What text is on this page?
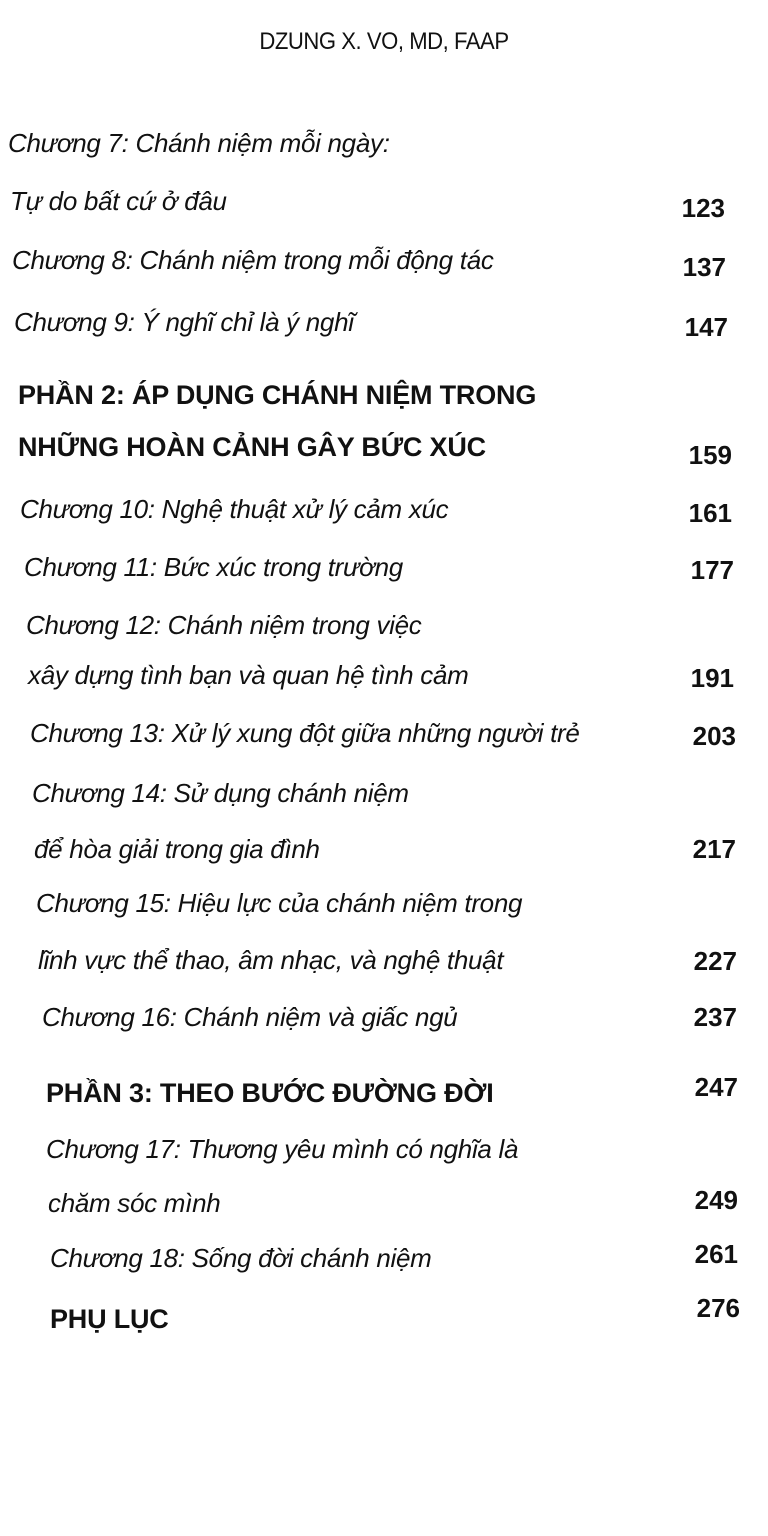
DZUNG X. VO, MD, FAAP
Chương 7: Chánh niệm mỗi ngày:
Tự do bất cứ ở đâu	123
Chương 8: Chánh niệm trong mỗi động tác	137
Chương 9: Ý nghĩ chỉ là ý nghĩ	147
PHẦN 2: ÁP DỤNG CHÁNH NIỆM TRONG
NHỮNG HOÀN CẢNH GÂY BỨC XÚC	159
Chương 10: Nghệ thuật xử lý cảm xúc	161
Chương 11: Bức xúc trong trường	177
Chương 12: Chánh niệm trong việc
xây dựng tình bạn và quan hệ tình cảm	191
Chương 13: Xử lý xung đột giữa những người trẻ	203
Chương 14: Sử dụng chánh niệm
để hòa giải trong gia đình	217
Chương 15: Hiệu lực của chánh niệm trong
lĩnh vực thể thao, âm nhạc, và nghệ thuật	227
Chương 16: Chánh niệm và giấc ngủ	237
PHẦN 3: THEO BƯỚC ĐƯỜNG ĐỜI	247
Chương 17: Thương yêu mình có nghĩa là
chăm sóc mình	249
Chương 18: Sống đời chánh niệm	261
PHỤ LỤC	276
